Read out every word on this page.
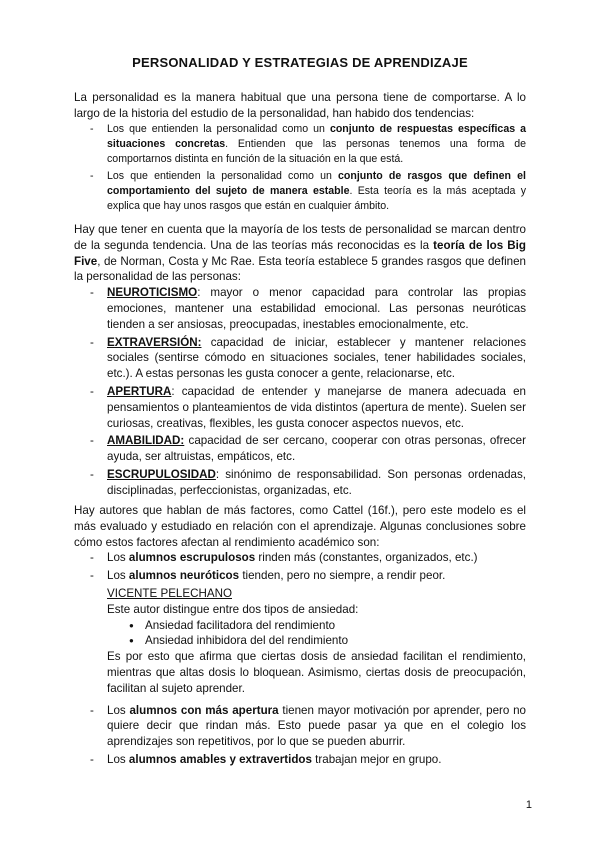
PERSONALIDAD Y ESTRATEGIAS DE APRENDIZAJE
La personalidad es la manera habitual que una persona tiene de comportarse. A lo largo de la historia del estudio de la personalidad, han habido dos tendencias:
- Los que entienden la personalidad como un conjunto de respuestas específicas a situaciones concretas. Entienden que las personas tenemos una forma de comportarnos distinta en función de la situación en la que está.
- Los que entienden la personalidad como un conjunto de rasgos que definen el comportamiento del sujeto de manera estable. Esta teoría es la más aceptada y explica que hay unos rasgos que están en cualquier ámbito.
Hay que tener en cuenta que la mayoría de los tests de personalidad se marcan dentro de la segunda tendencia. Una de las teorías más reconocidas es la teoría de los Big Five, de Norman, Costa y Mc Rae. Esta teoría establece 5 grandes rasgos que definen la personalidad de las personas:
- NEUROTICISMO: mayor o menor capacidad para controlar las propias emociones, mantener una estabilidad emocional. Las personas neuróticas tienden a ser ansiosas, preocupadas, inestables emocionalmente, etc.
- EXTRAVERSIÓN: capacidad de iniciar, establecer y mantener relaciones sociales (sentirse cómodo en situaciones sociales, tener habilidades sociales, etc.). A estas personas les gusta conocer a gente, relacionarse, etc.
- APERTURA: capacidad de entender y manejarse de manera adecuada en pensamientos o planteamientos de vida distintos (apertura de mente). Suelen ser curiosas, creativas, flexibles, les gusta conocer aspectos nuevos, etc.
- AMABILIDAD: capacidad de ser cercano, cooperar con otras personas, ofrecer ayuda, ser altruistas, empáticos, etc.
- ESCRUPULOSIDAD: sinónimo de responsabilidad. Son personas ordenadas, disciplinadas, perfeccionistas, organizadas, etc.
Hay autores que hablan de más factores, como Cattel (16f.), pero este modelo es el más evaluado y estudiado en relación con el aprendizaje. Algunas conclusiones sobre cómo estos factores afectan al rendimiento académico son:
- Los alumnos escrupulosos rinden más (constantes, organizados, etc.)
- Los alumnos neuróticos tienden, pero no siempre, a rendir peor.
VICENTE PELECHANO
Este autor distingue entre dos tipos de ansiedad:
● Ansiedad facilitadora del rendimiento
● Ansiedad inhibidora del del rendimiento
Es por esto que afirma que ciertas dosis de ansiedad facilitan el rendimiento, mientras que altas dosis lo bloquean. Asimismo, ciertas dosis de preocupación, facilitan al sujeto aprender.
- Los alumnos con más apertura tienen mayor motivación por aprender, pero no quiere decir que rindan más. Esto puede pasar ya que en el colegio los aprendizajes son repetitivos, por lo que se pueden aburrir.
- Los alumnos amables y extravertidos trabajan mejor en grupo.
1
